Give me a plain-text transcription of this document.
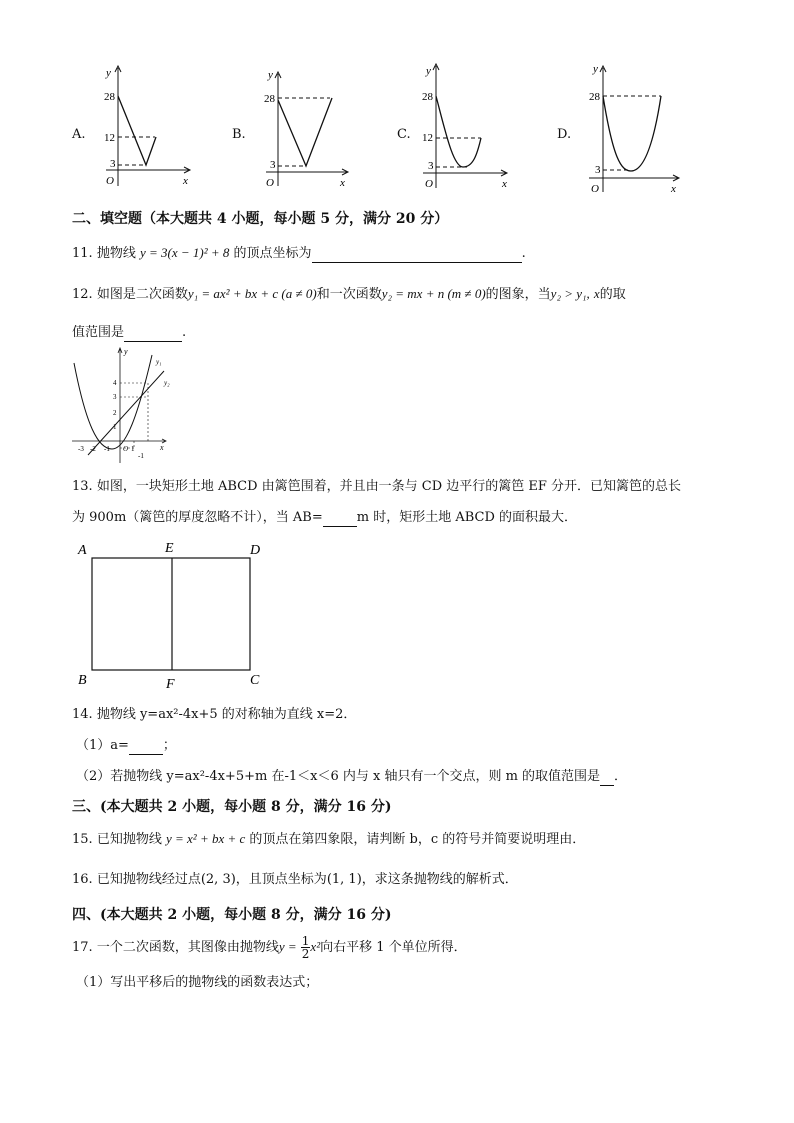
A.
y
x
O
28
12
3
B.
y
x
O
28
3
C.
y
x
O
28
12
3
D.
y
x
O
28
3
二、填空题（本大题共 4 小题，每小题 5 分，满分 20 分）
11. 抛物线 y = 3(x − 1)² + 8 的顶点坐标为	.
12. 如图是二次函数y₁ = ax² + bx + c (a ≠ 0)和一次函数y₂ = mx + n (m ≠ 0)的图象，当y₂ > y₁, x的取
值范围是	.
y
x
y₁
y₂
4
3
2
1
-3 -2 -1 O 1
-1
13. 如图，一块矩形土地 ABCD 由篱笆围着，并且由一条与 CD 边平行的篱笆 EF 分开．已知篱笆的总长
为 900m（篱笆的厚度忽略不计），当 AB=	m 时，矩形土地 ABCD 的面积最大．
A	E	D
B	F	C
14. 抛物线 y=ax²-4x+5 的对称轴为直线 x=2．
（1）a=	；
（2）若抛物线 y=ax²-4x+5+m 在-1＜x＜6 内与 x 轴只有一个交点，则 m 的取值范围是 ．
三、(本大题共 2 小题，每小题 8 分，满分 16 分)
15. 已知抛物线 y = x² + bx + c 的顶点在第四象限，请判断 b，c 的符号并简要说明理由．
16. 已知抛物线经过点(2, 3)，且顶点坐标为(1, 1)，求这条抛物线的解析式．
四、(本大题共 2 小题，每小题 8 分，满分 16 分)
17. 一个二次函数，其图像由抛物线$y = \frac{1}{2} x^2$向右平移 1 个单位所得．
（1）写出平移后的抛物线的函数表达式；
